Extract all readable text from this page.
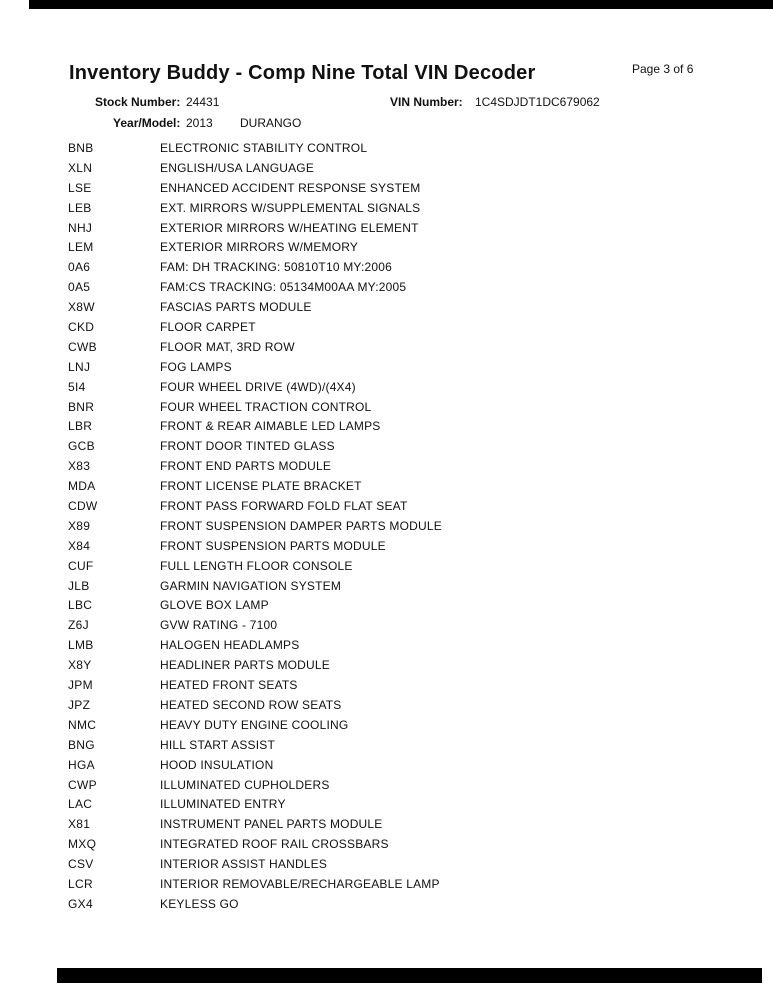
Inventory Buddy - Comp Nine Total VIN Decoder	Page 3 of 6
Stock Number: 24431	VIN Number: 1C4SDJDT1DC679062
Year/Model: 2013 DURANGO
BNB	ELECTRONIC STABILITY CONTROL
XLN	ENGLISH/USA LANGUAGE
LSE	ENHANCED ACCIDENT RESPONSE SYSTEM
LEB	EXT. MIRRORS W/SUPPLEMENTAL SIGNALS
NHJ	EXTERIOR MIRRORS W/HEATING ELEMENT
LEM	EXTERIOR MIRRORS W/MEMORY
0A6	FAM: DH TRACKING: 50810T10 MY:2006
0A5	FAM:CS TRACKING: 05134M00AA MY:2005
X8W	FASCIAS PARTS MODULE
CKD	FLOOR CARPET
CWB	FLOOR MAT, 3RD ROW
LNJ	FOG LAMPS
5I4	FOUR WHEEL DRIVE (4WD)/(4X4)
BNR	FOUR WHEEL TRACTION CONTROL
LBR	FRONT & REAR AIMABLE LED LAMPS
GCB	FRONT DOOR TINTED GLASS
X83	FRONT END PARTS MODULE
MDA	FRONT LICENSE PLATE BRACKET
CDW	FRONT PASS FORWARD FOLD FLAT SEAT
X89	FRONT SUSPENSION DAMPER PARTS MODULE
X84	FRONT SUSPENSION PARTS MODULE
CUF	FULL LENGTH FLOOR CONSOLE
JLB	GARMIN NAVIGATION SYSTEM
LBC	GLOVE BOX LAMP
Z6J	GVW RATING - 7100
LMB	HALOGEN HEADLAMPS
X8Y	HEADLINER PARTS MODULE
JPM	HEATED FRONT SEATS
JPZ	HEATED SECOND ROW SEATS
NMC	HEAVY DUTY ENGINE COOLING
BNG	HILL START ASSIST
HGA	HOOD INSULATION
CWP	ILLUMINATED CUPHOLDERS
LAC	ILLUMINATED ENTRY
X81	INSTRUMENT PANEL PARTS MODULE
MXQ	INTEGRATED ROOF RAIL CROSSBARS
CSV	INTERIOR ASSIST HANDLES
LCR	INTERIOR REMOVABLE/RECHARGEABLE LAMP
GX4	KEYLESS GO
